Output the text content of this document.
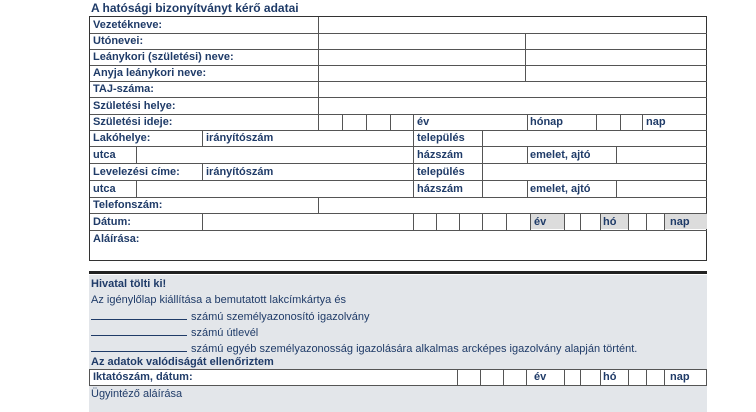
A hatósági bizonyítványt kérő adatai
Vezetékneve:
Utónevei:
Leánykori (születési) neve:
Anyja leánykori neve:
TAJ-száma:
Születési helye:
Születési ideje:	év	hónap	nap
Lakóhelye:	irányítószám	település
utca	házszám	emelet, ajtó
Levelezési címe: irányítószám	település
utca	házszám	emelet, ajtó
Telefonszám:
Dátum:	év	hó	nap
Aláírása:
Hivatal tölti ki!
Az igénylőlap kiállítása a bemutatott lakcímkártya és
számú személyazonosító igazolvány
számú útlevél
számú egyéb személyazonosság igazolására alkalmas arcképes igazolvány alapján történt.
Az adatok valódiságát ellenőriztem
Ügyintéző aláírása
Iktatószám, dátum:	év	hó	nap
